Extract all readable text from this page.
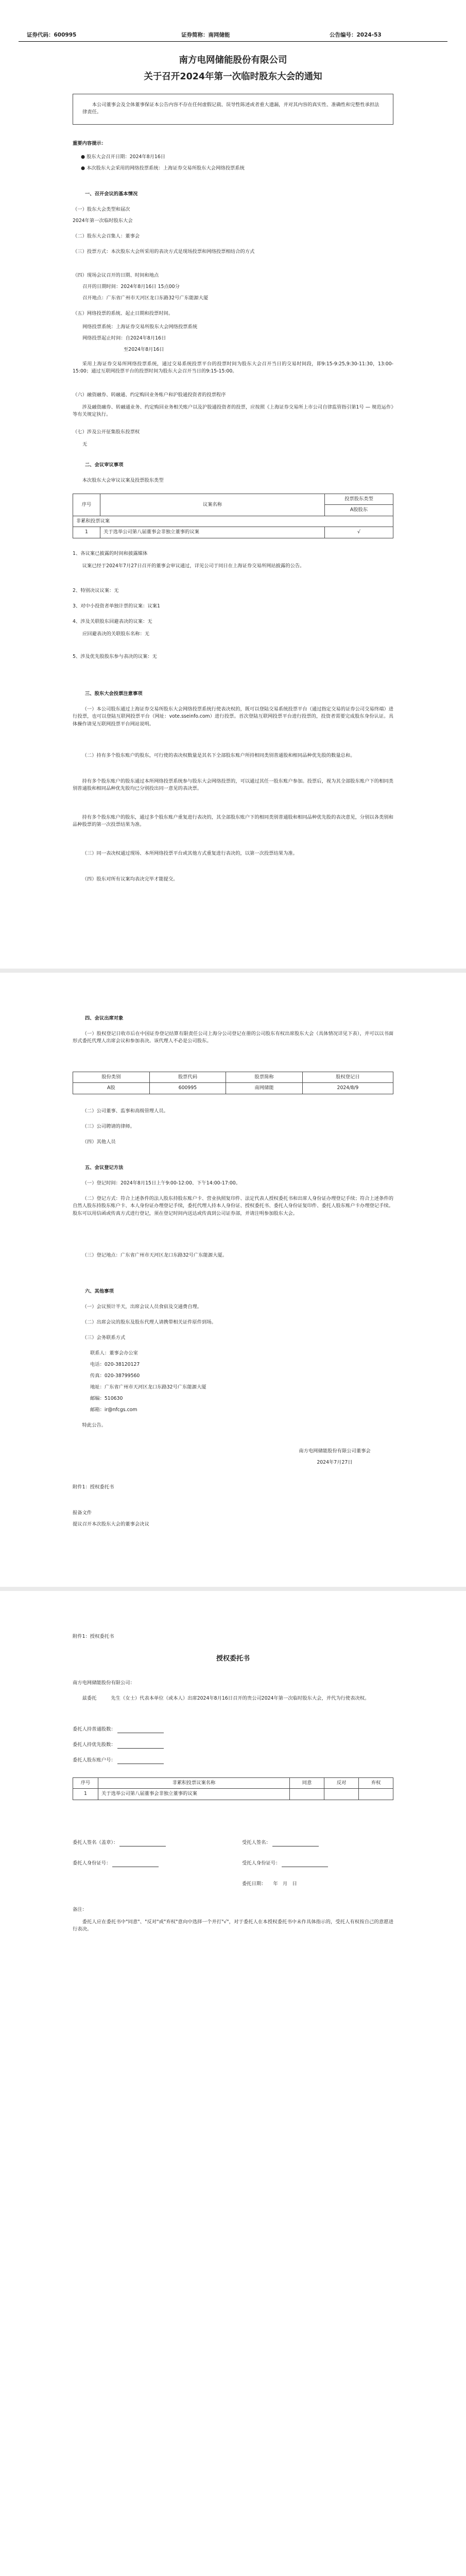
证券代码：600995	证券简称：南网储能	公告编号：2024-53
南方电网储能股份有限公司
关于召开2024年第一次临时股东大会的通知
本公司董事会及全体董事保证本公告内容不存在任何虚假记载、误导性陈述或者重大遗漏，并对其内容的真实性、准确性和完整性承担法律责任。
重要内容提示：
● 股东大会召开日期：2024年8月16日
● 本次股东大会采用的网络投票系统：上海证券交易所股东大会网络投票系统
一、召开会议的基本情况
（一）股东大会类型和届次
2024年第一次临时股东大会
（二）股东大会召集人：董事会
（三）投票方式：本次股东大会所采用的表决方式是现场投票和网络投票相结合的方式
（四）现场会议召开的日期、时间和地点
召开的日期时间：2024年8月16日 15点00分
召开地点：广东省广州市天河区龙口东路32号广东能源大厦
（五）网络投票的系统、起止日期和投票时间。
网络投票系统：上海证券交易所股东大会网络投票系统
网络投票起止时间：自2024年8月16日
至2024年8月16日
采用上海证券交易所网络投票系统，通过交易系统投票平台的投票时间为股东大会召开当日的交易时间段，即9:15-9:25,9:30-11:30，13:00-15:00；通过互联网投票平台的投票时间为股东大会召开当日的9:15-15:00。
（六）融资融券、转融通、约定购回业务账户和沪股通投资者的投票程序
涉及融资融券、转融通业务、约定购回业务相关账户以及沪股通投资者的投票，应按照《上海证券交易所上市公司自律监管指引第1号 — 规范运作》等有关规定执行。
（七）涉及公开征集股东投票权
无
二、会议审议事项
本次股东大会审议议案及投票股东类型
序号	议案名称	投票股东类型
		A股股东
非累积投票议案		
1	关于选举公司第八届董事会非独立董事的议案	√
1、各议案已披露的时间和披露媒体
议案已经于2024年7月27日召开的董事会审议通过，详见公司于同日在上海证券交易所网站披露的公告。
2、特别决议议案：无
3、对中小投资者单独计票的议案：议案1
4、涉及关联股东回避表决的议案：无
应回避表决的关联股东名称：无
5、涉及优先股股东参与表决的议案：无
三、股东大会投票注意事项
（一）本公司股东通过上海证券交易所股东大会网络投票系统行使表决权的，既可以登陆交易系统投票平台（通过指定交易的证券公司交易终端）进行投票，也可以登陆互联网投票平台（网址：vote.sseinfo.com）进行投票。首次登陆互联网投票平台进行投票的，投资者需要完成股东身份认证。具体操作请见互联网投票平台网站说明。
（二）持有多个股东账户的股东，可行使的表决权数量是其名下全部股东账户所持相同类别普通股和相同品种优先股的数量总和。
持有多个股东账户的股东通过本所网络投票系统参与股东大会网络投票的，可以通过其任一股东账户参加。投票后，视为其全部股东账户下的相同类别普通股和相同品种优先股均已分别投出同一意见的表决票。
持有多个股东账户的股东，通过多个股东账户重复进行表决的，其全部股东账户下的相同类别普通股和相同品种优先股的表决意见，分别以各类别和品种股票的第一次投票结果为准。
（三）同一表决权通过现场、本所网络投票平台或其他方式重复进行表决的，以第一次投票结果为准。
（四）股东对所有议案均表决完毕才能提交。
四、会议出席对象
（一）股权登记日收市后在中国证券登记结算有限责任公司上海分公司登记在册的公司股东有权出席股东大会（具体情况详见下表），并可以以书面形式委托代理人出席会议和参加表决。该代理人不必是公司股东。
股份类别	股票代码	股票简称	股权登记日
A股	600995	南网储能	2024/8/9
（二）公司董事、监事和高级管理人员。
（三）公司聘请的律师。
（四）其他人员
五、会议登记方法
（一）登记时间：2024年8月15日上午9:00-12:00、下午14:00-17:00。
（二）登记方式：符合上述条件的法人股东持股东账户卡、营业执照复印件、法定代表人授权委托书和出席人身份证办理登记手续；符合上述条件的自然人股东持股东账户卡、本人身份证办理登记手续，委托代理人持本人身份证、授权委托书、委托人身份证复印件、委托人股东账户卡办理登记手续。股东可以用信函或传真方式进行登记，须在登记时间内送达或传真到公司证券部，并请注明参加股东大会。
（三）登记地点：广东省广州市天河区龙口东路32号广东能源大厦。
六、其他事项
（一）会议预计半天，出席会议人员食宿及交通费自理。
（二）出席会议的股东及股东代理人请携带相关证件原件到场。
（三）会务联系方式
联系人：董事会办公室
电话：020-38120127
传真：020-38799560
地址：广东省广州市天河区龙口东路32号广东能源大厦
邮编：510630
邮箱：ir@nfcgs.com
特此公告。
南方电网储能股份有限公司董事会
2024年7月27日
附件1：授权委托书
报备文件
提议召开本次股东大会的董事会决议
附件1：授权委托书
授权委托书
南方电网储能股份有限公司：
兹委托　　　先生（女士）代表本单位（或本人）出席2024年8月16日召开的贵公司2024年第一次临时股东大会，并代为行使表决权。
委托人持普通股数：
委托人持优先股数：
委托人股东账户号：
序号	非累积投票议案名称	同意	反对	弃权
1	关于选举公司第八届董事会非独立董事的议案			
委托人签名（盖章）：	受托人签名：
委托人身份证号：	受托人身份证号：
委托日期：　　年　月　日
备注：
委托人应在委托书中"同意"、"反对"或"弃权"意向中选择一个并打"√"，对于委托人在本授权委托书中未作具体指示的，受托人有权按自己的意愿进行表决。
